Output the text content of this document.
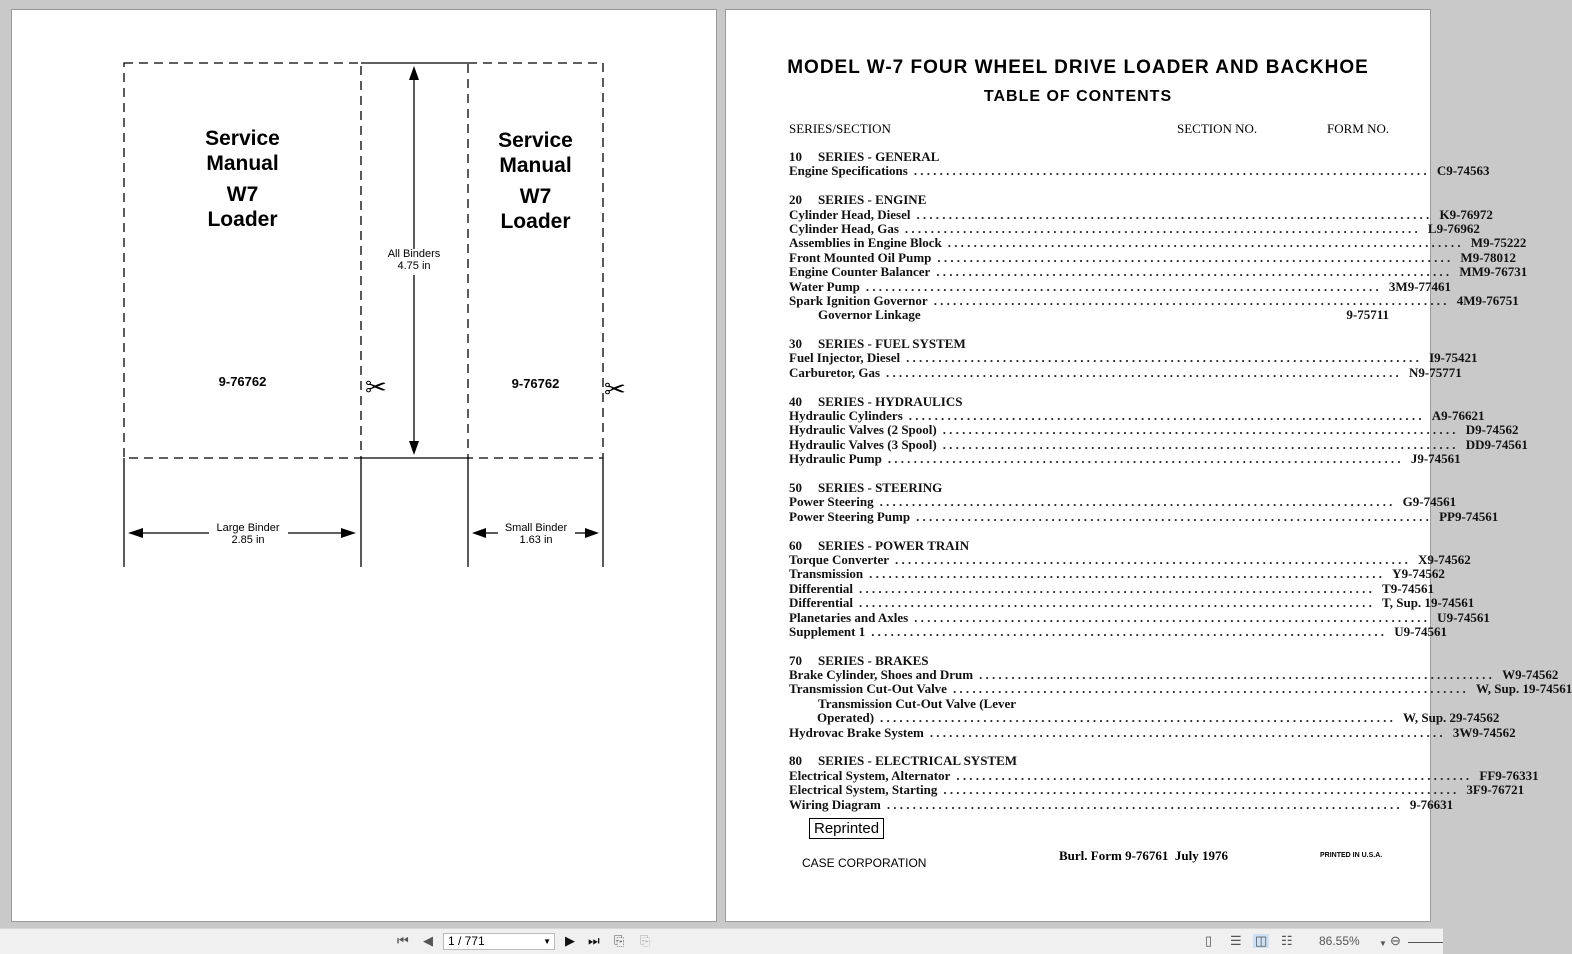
✂	✂
Service
Manual
W7
Loader
9-76762
Service
Manual
W7
Loader
9-76762
All Binders
4.75 in
Large Binder
2.85 in
Small Binder
1.63 in
MODEL W-7 FOUR WHEEL DRIVE LOADER AND BACKHOE
TABLE OF CONTENTS
SERIES/SECTION	SECTION NO.	FORM NO.
10	SERIES - GENERAL
Engine Specifications ................................................................................ C 9-74563
20	SERIES - ENGINE
Cylinder Head, Diesel ................................................................................ K 9-76972
Cylinder Head, Gas ................................................................................ L 9-76962
Assemblies in Engine Block ................................................................................ M 9-75222
Front Mounted Oil Pump ................................................................................ M 9-78012
Engine Counter Balancer ................................................................................ MM 9-76731
Water Pump ................................................................................ 3M 9-77461
Spark Ignition Governor ................................................................................ 4M 9-76751
Governor Linkage	9-75711
30	SERIES - FUEL SYSTEM
Fuel Injector, Diesel ................................................................................ I 9-75421
Carburetor, Gas ................................................................................ N 9-75771
40	SERIES - HYDRAULICS
Hydraulic Cylinders ................................................................................ A 9-76621
Hydraulic Valves (2 Spool) ................................................................................ D 9-74562
Hydraulic Valves (3 Spool) ................................................................................ DD 9-74561
Hydraulic Pump ................................................................................ J 9-74561
50	SERIES - STEERING
Power Steering ................................................................................ G 9-74561
Power Steering Pump ................................................................................ PP 9-74561
60	SERIES - POWER TRAIN
Torque Converter ................................................................................ X 9-74562
Transmission ................................................................................ Y 9-74562
Differential ................................................................................ T 9-74561
Differential ................................................................................ T, Sup. 1 9-74561
Planetaries and Axles ................................................................................ U 9-74561
Supplement 1 ................................................................................ U 9-74561
70	SERIES - BRAKES
Brake Cylinder, Shoes and Drum ................................................................................ W 9-74562
Transmission Cut-Out Valve ................................................................................ W, Sup. 1 9-74561
Transmission Cut-Out Valve (Lever
Operated) ................................................................................ W, Sup. 2 9-74562
Hydrovac Brake System ................................................................................ 3W 9-74562
80	SERIES - ELECTRICAL SYSTEM
Electrical System, Alternator ................................................................................ FF 9-76331
Electrical System, Starting ................................................................................ 3F 9-76721
Wiring Diagram ................................................................................ 9-76631
Reprinted
CASE CORPORATION	Burl. Form 9-76761  July 1976	PRINTED IN U.S.A.
⏮ ◀	1 / 771	▼ ▶ ⏭ ⎘ ⎘	▯ ☰ ◫ ☷ 86.55% ▼ ⊖
